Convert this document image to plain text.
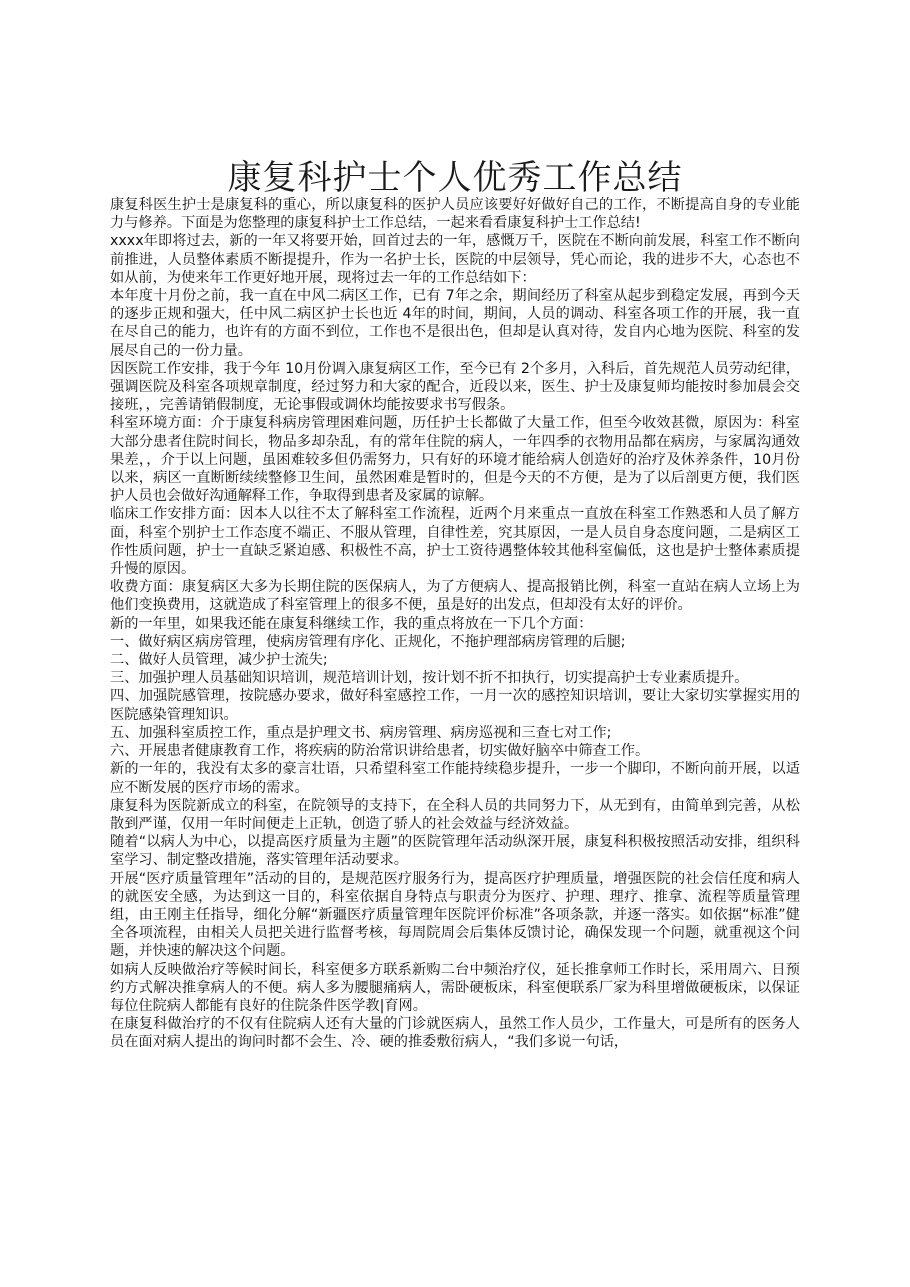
康复科护士个人优秀工作总结

康复科医生护士是康复科的重心，所以康复科的医护人员应该要好好做好自己的工作，不断提高自身的专业能力与修养。下面是为您整理的康复科护士工作总结，一起来看看康复科护士工作总结!

xxxx年即将过去，新的一年又将要开始，回首过去的一年，感慨万千，医院在不断向前发展，科室工作不断向前推进，人员整体素质不断提提升，作为一名护士长，医院的中层领导，凭心而论，我的进步不大，心态也不如从前，为使来年工作更好地开展，现将过去一年的工作总结如下：

本年度十月份之前，我一直在中风二病区工作，已有 7年之余，期间经历了科室从起步到稳定发展，再到今天的逐步正规和强大，任中风二病区护士长也近 4年的时间，期间，人员的调动、科室各项工作的开展，我一直在尽自己的能力，也许有的方面不到位，工作也不是很出色，但却是认真对待，发自内心地为医院、科室的发展尽自己的一份力量。

因医院工作安排，我于今年 10月份调入康复病区工作，至今已有 2个多月，入科后，首先规范人员劳动纪律，强调医院及科室各项规章制度，经过努力和大家的配合，近段以来，医生、护士及康复师均能按时参加晨会交接班，，完善请销假制度，无论事假或调休均能按要求书写假条。

科室环境方面：介于康复科病房管理困难问题，历任护士长都做了大量工作，但至今收效甚微，原因为：科室大部分患者住院时间长，物品多却杂乱，有的常年住院的病人，一年四季的衣物用品都在病房，与家属沟通效果差，，介于以上问题，虽困难较多但仍需努力，只有好的环境才能给病人创造好的治疗及休养条件，10月份以来，病区一直断断续续整修卫生间，虽然困难是暂时的，但是今天的不方便，是为了以后剖更方便，我们医护人员也会做好沟通解释工作，争取得到患者及家属的谅解。

临床工作安排方面：因本人以往不太了解科室工作流程，近两个月来重点一直放在科室工作熟悉和人员了解方面，科室个别护士工作态度不端正、不服从管理，自律性差，究其原因，一是人员自身态度问题，二是病区工作性质问题，护士一直缺乏紧迫感、积极性不高，护士工资待遇整体较其他科室偏低，这也是护士整体素质提升慢的原因。

收费方面：康复病区大多为长期住院的医保病人，为了方便病人、提高报销比例，科室一直站在病人立场上为他们变换费用，这就造成了科室管理上的很多不便，虽是好的出发点，但却没有太好的评价。

新的一年里，如果我还能在康复科继续工作，我的重点将放在一下几个方面：

一、做好病区病房管理，使病房管理有序化、正规化，不拖护理部病房管理的后腿;

二、做好人员管理，减少护士流失;

三、加强护理人员基础知识培训，规范培训计划，按计划不折不扣执行，切实提高护士专业素质提升。

四、加强院感管理，按院感办要求，做好科室感控工作，一月一次的感控知识培训，要让大家切实掌握实用的医院感染管理知识。

五、加强科室质控工作，重点是护理文书、病房管理、病房巡视和三查七对工作;

六、开展患者健康教育工作，将疾病的防治常识讲给患者，切实做好脑卒中筛查工作。

新的一年的，我没有太多的豪言壮语，只希望科室工作能持续稳步提升，一步一个脚印，不断向前开展，以适应不断发展的医疗市场的需求。

康复科为医院新成立的科室，在院领导的支持下，在全科人员的共同努力下，从无到有，由简单到完善，从松散到严谨，仅用一年时间便走上正轨，创造了骄人的社会效益与经济效益。

随着“以病人为中心，以提高医疗质量为主题”的医院管理年活动纵深开展，康复科积极按照活动安排，组织科室学习、制定整改措施，落实管理年活动要求。

开展“医疗质量管理年”活动的目的，是规范医疗服务行为，提高医疗护理质量，增强医院的社会信任度和病人的就医安全感，为达到这一目的，科室依据自身特点与职责分为医疗、护理、理疗、推拿、流程等质量管理组，由王刚主任指导，细化分解“新疆医疗质量管理年医院评价标准”各项条款，并逐一落实。如依据“标准”健全各项流程，由相关人员把关进行监督考核，每周院周会后集体反馈讨论，确保发现一个问题，就重视这个问题，并快速的解决这个问题。

如病人反映做治疗等候时间长，科室便多方联系新购二台中频治疗仪，延长推拿师工作时长，采用周六、日预约方式解决推拿病人的不便。病人多为腰腿痛病人，需卧硬板床，科室便联系厂家为科里增做硬板床，以保证每位住院病人都能有良好的住院条件医学教|育网。

在康复科做治疗的不仅有住院病人还有大量的门诊就医病人，虽然工作人员少，工作量大，可是所有的医务人员在面对病人提出的询问时都不会生、冷、硬的推委敷衍病人，“我们多说一句话，
